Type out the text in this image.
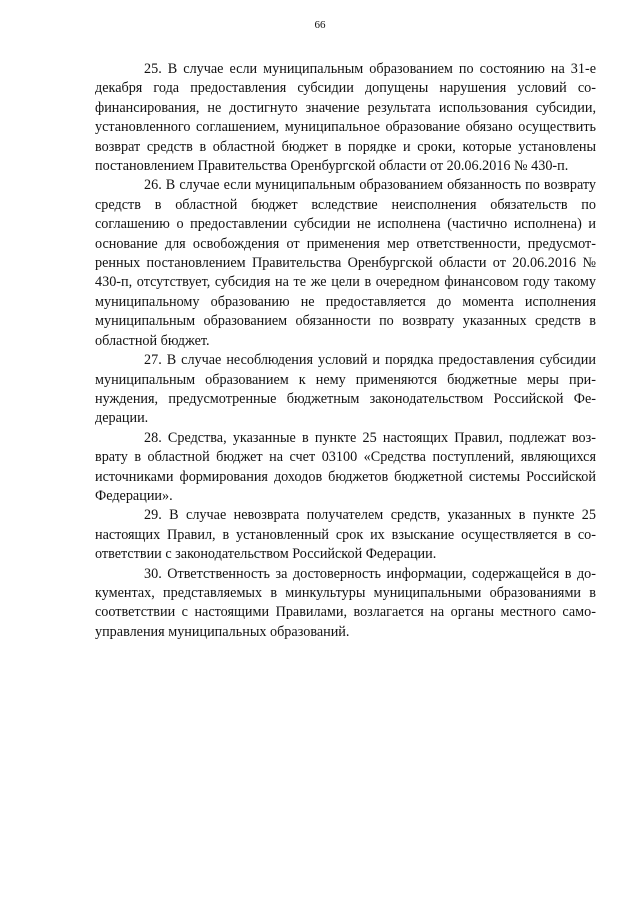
66

25. В случае если муниципальным образованием по состоянию на 31-е декабря года предоставления субсидии допущены нарушения условий софинансирования, не достигнуто значение результата использования субсидии, установленного соглашением, муниципальное образование обязано осуществить возврат средств в областной бюджет в порядке и сроки, которые установлены постановлением Правительства Оренбургской области от 20.06.2016 № 430-п.

26. В случае если муниципальным образованием обязанность по возврату средств в областной бюджет вследствие неисполнения обязательств по соглашению о предоставлении субсидии не исполнена (частично исполнена) и основание для освобождения от применения мер ответственности, предусмотренных постановлением Правительства Оренбургской области от 20.06.2016 № 430-п, отсутствует, субсидия на те же цели в очередном финансовом году такому муниципальному образованию не предоставляется до момента исполнения муниципальным образованием обязанности по возврату указанных средств в областной бюджет.

27. В случае несоблюдения условий и порядка предоставления субсидии муниципальным образованием к нему применяются бюджетные меры принуждения, предусмотренные бюджетным законодательством Российской Федерации.

28. Средства, указанные в пункте 25 настоящих Правил, подлежат возврату в областной бюджет на счет 03100 «Средства поступлений, являющихся источниками формирования доходов бюджетов бюджетной системы Российской Федерации».

29. В случае невозврата получателем средств, указанных в пункте 25 настоящих Правил, в установленный срок их взыскание осуществляется в соответствии с законодательством Российской Федерации.

30. Ответственность за достоверность информации, содержащейся в документах, представляемых в минкультуры муниципальными образованиями в соответствии с настоящими Правилами, возлагается на органы местного самоуправления муниципальных образований.
